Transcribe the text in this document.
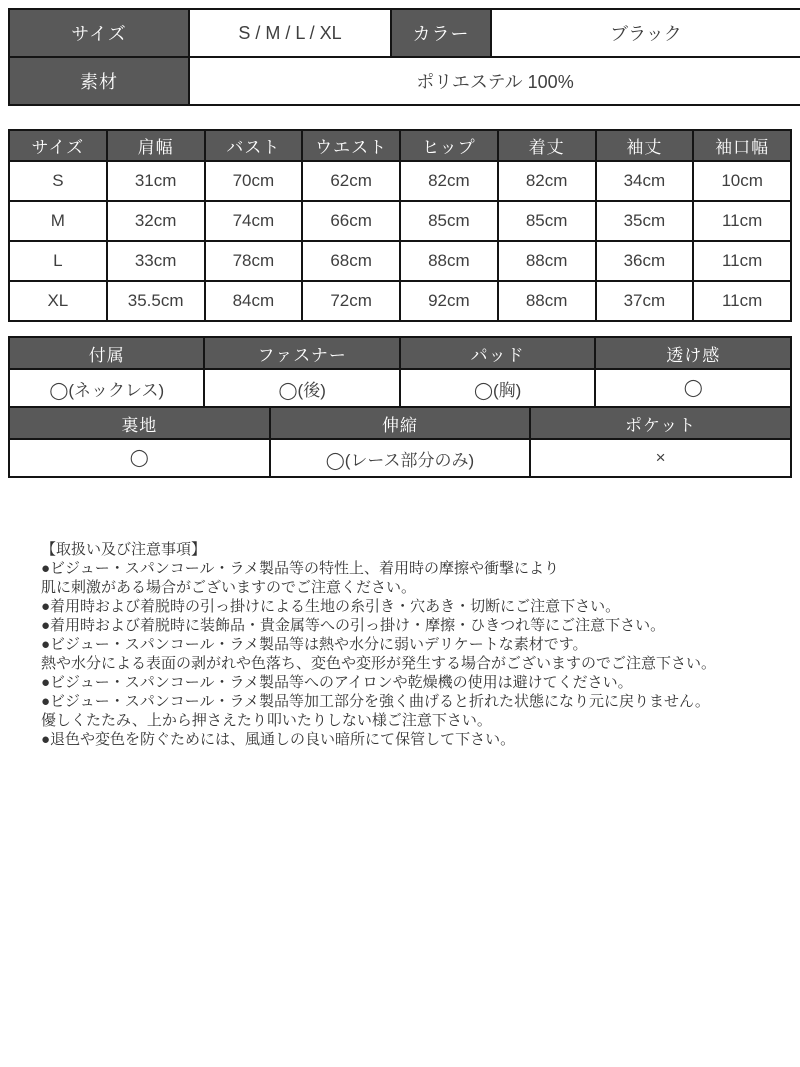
サイズ	S / M / L / XL	カラー	ブラック
素材	ポリエステル 100%		
サイズ	肩幅	バスト	ウエスト	ヒップ	着丈	袖丈	袖口幅
S	31cm	70cm	62cm	82cm	82cm	34cm	10cm
M	32cm	74cm	66cm	85cm	85cm	35cm	11cm
L	33cm	78cm	68cm	88cm	88cm	36cm	11cm
XL	35.5cm	84cm	72cm	92cm	88cm	37cm	11cm
付属	ファスナー		パッド		透け感
◯(ネックレス)	◯(後)		◯(胸)		◯
裏地		伸縮		ポケット	
◯		◯(レース部分のみ)		×	
【取扱い及び注意事項】
●ビジュー・スパンコール・ラメ製品等の特性上、着用時の摩擦や衝撃により
肌に刺激がある場合がございますのでご注意ください。
●着用時および着脱時の引っ掛けによる生地の糸引き・穴あき・切断にご注意下さい。
●着用時および着脱時に装飾品・貴金属等への引っ掛け・摩擦・ひきつれ等にご注意下さい。
●ビジュー・スパンコール・ラメ製品等は熱や水分に弱いデリケートな素材です。
熱や水分による表面の剥がれや色落ち、変色や変形が発生する場合がございますのでご注意下さい。
●ビジュー・スパンコール・ラメ製品等へのアイロンや乾燥機の使用は避けてください。
●ビジュー・スパンコール・ラメ製品等加工部分を強く曲げると折れた状態になり元に戻りません。
優しくたたみ、上から押さえたり叩いたりしない様ご注意下さい。
●退色や変色を防ぐためには、風通しの良い暗所にて保管して下さい。
